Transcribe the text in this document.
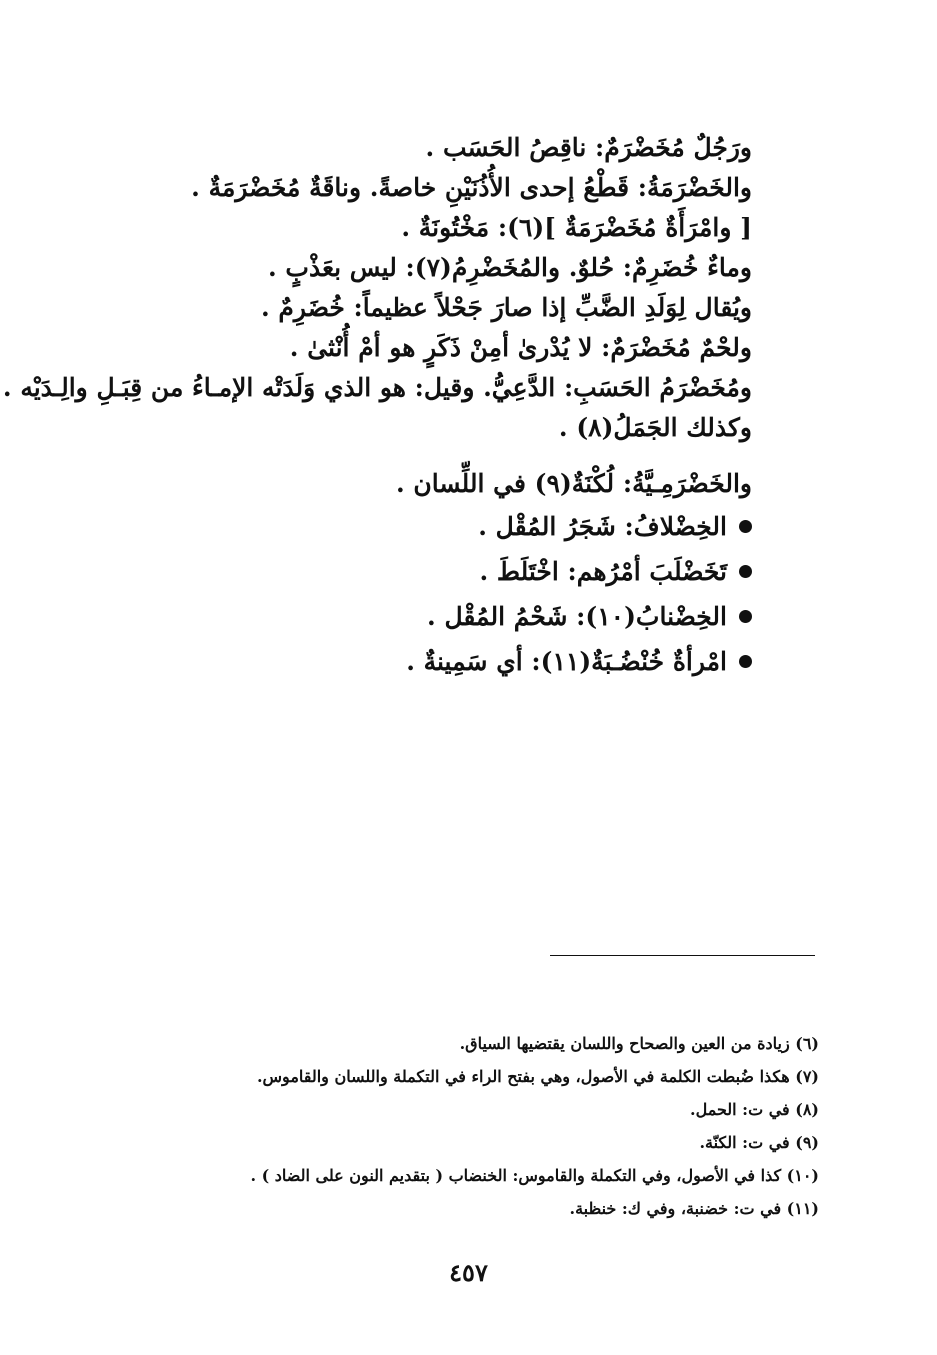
ورَجُلٌ مُخَضْرَمٌ: ناقِصُ الحَسَب .
والخَضْرَمَةُ: قَطْعُ إحدى الأُذُنَيْنِ خاصةً. وناقَةٌ مُخَضْرَمَةٌ .
[ وامْرَأَةٌ مُخَضْرَمَةٌ ](٦): مَخْتُونَةٌ .
وماءٌ خُضَرِمٌ: حُلوٌ. والمُخَضْرِمُ(٧): ليس بعَذْبٍ .
ويُقال لِوَلَدِ الضَّبِّ إذا صارَ جَحْلاً عظيماً: خُضَرِمٌ .
ولحْمٌ مُخَضْرَمٌ: لا يُدْرىٰ أمِنْ ذَكَرٍ هو أمْ أُنْثىٰ .
ومُخَضْرَمُ الحَسَبِ: الدَّعِيُّ. وقيل: هو الذي وَلَدَتْه الإمـاءُ من قِبَـلِ والِـدَيْه .
وكذلك الجَمَلُ(٨) .
والخَضْرَمِـيَّةُ: لُكْنَةٌ(٩) في اللِّسان .
الخِضْلافُ: شَجَرُ المُقْل .
تَخَضْلَبَ أمْرُهم: اخْتَلَطَ .
الخِضْنابُ(١٠): شَحْمُ المُقْل .
امْرأةٌ خُنْضُـبَةٌ(١١): أي سَمِينةٌ .
(٦) زيادة من العين والصحاح واللسان يقتضيها السياق.
(٧) هكذا ضُبطت الكلمة في الأصول، وهي بفتح الراء في التكملة واللسان والقاموس.
(٨) في ت: الحمل.
(٩) في ت: الكنّة.
(١٠) كذا في الأصول، وفي التكملة والقاموس: الخنضاب ( بتقديم النون على الضاد ) .
(١١) في ت: خضنبة، وفي ك: خنظبة.
٤٥٧
